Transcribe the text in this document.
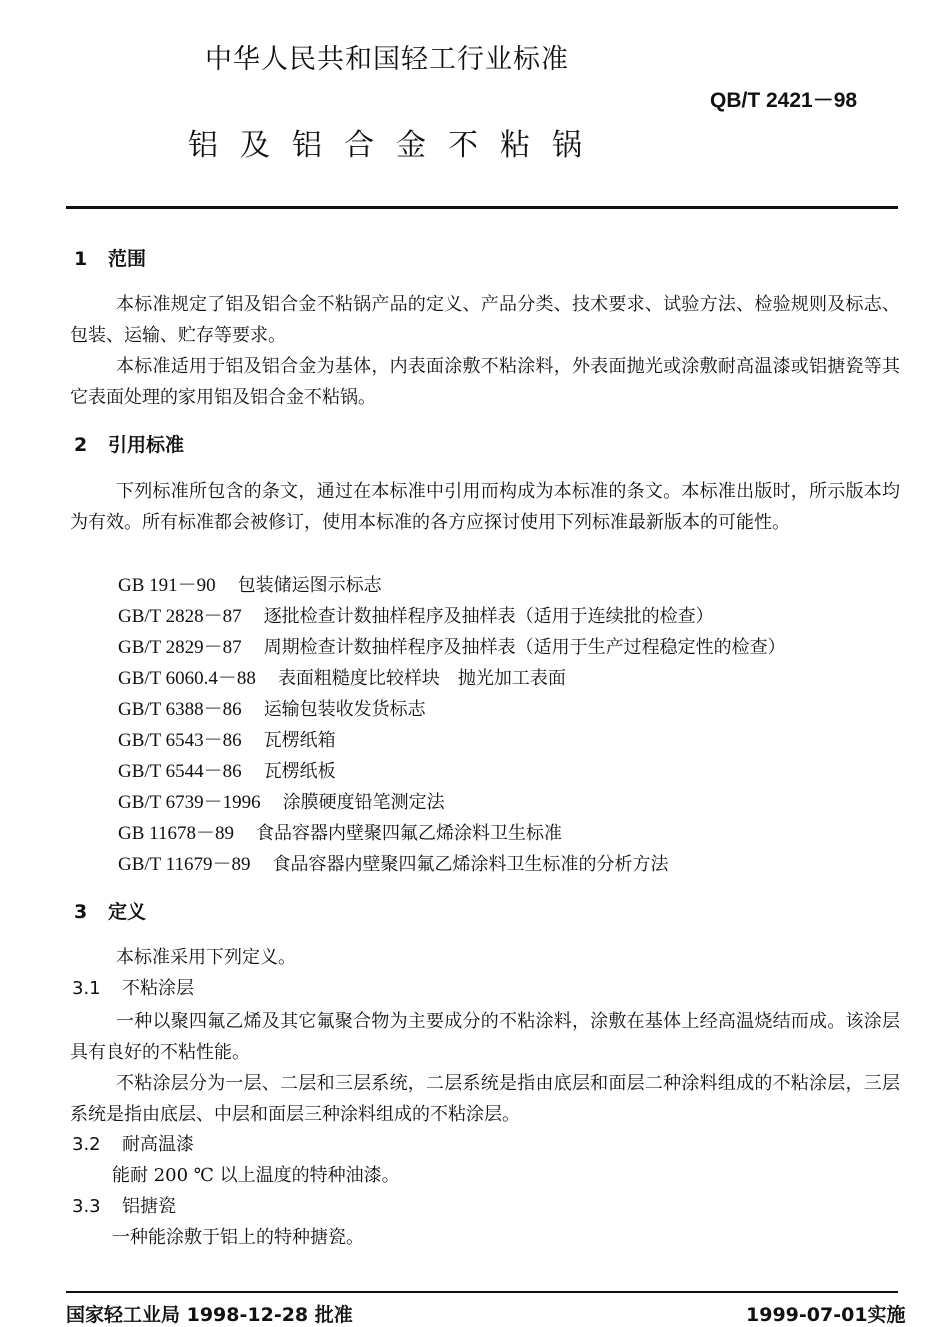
中华人民共和国轻工行业标准
QB/T 2421－98
铝及铝合金不粘锅
1 范围
本标准规定了铝及铝合金不粘锅产品的定义、产品分类、技术要求、试验方法、检验规则及标志、包装、运输、贮存等要求。
本标准适用于铝及铝合金为基体，内表面涂敷不粘涂料，外表面抛光或涂敷耐高温漆或铝搪瓷等其它表面处理的家用铝及铝合金不粘锅。
2 引用标准
下列标准所包含的条文，通过在本标准中引用而构成为本标准的条文。本标准出版时，所示版本均为有效。所有标准都会被修订，使用本标准的各方应探讨使用下列标准最新版本的可能性。
GB 191－90 包装储运图示标志
GB/T 2828－87 逐批检查计数抽样程序及抽样表（适用于连续批的检查）
GB/T 2829－87 周期检查计数抽样程序及抽样表（适用于生产过程稳定性的检查）
GB/T 6060.4－88 表面粗糙度比较样块　抛光加工表面
GB/T 6388－86 运输包装收发货标志
GB/T 6543－86 瓦楞纸箱
GB/T 6544－86 瓦楞纸板
GB/T 6739－1996 涂膜硬度铅笔测定法
GB 11678－89 食品容器内壁聚四氟乙烯涂料卫生标准
GB/T 11679－89 食品容器内壁聚四氟乙烯涂料卫生标准的分析方法
3 定义
本标准采用下列定义。
3.1 不粘涂层
一种以聚四氟乙烯及其它氟聚合物为主要成分的不粘涂料，涂敷在基体上经高温烧结而成。该涂层具有良好的不粘性能。
不粘涂层分为一层、二层和三层系统，二层系统是指由底层和面层二种涂料组成的不粘涂层，三层系统是指由底层、中层和面层三种涂料组成的不粘涂层。
3.2 耐高温漆
能耐 200 ℃ 以上温度的特种油漆。
3.3 铝搪瓷
一种能涂敷于铝上的特种搪瓷。
国家轻工业局 1998-12-28 批准	1999-07-01实施
